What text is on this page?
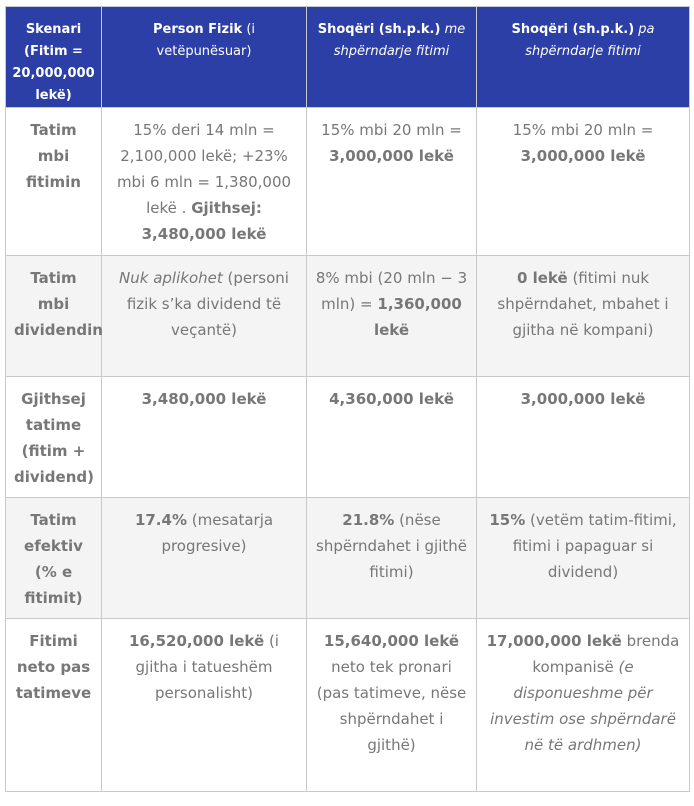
Skenari (Fitim = 20,000,000 lekë)	Person Fizik (i vetëpunësuar)	Shoqëri (sh.p.k.) me shpërndarje fitimi	Shoqëri (sh.p.k.) pa shpërndarje fitimi
Tatim mbi fitimin	15% deri 14 mln = 2,100,000 lekë; +23% mbi 6 mln = 1,380,000 lekë . Gjithsej: 3,480,000 lekë	15% mbi 20 mln = 3,000,000 lekë	15% mbi 20 mln = 3,000,000 lekë
Tatim mbi dividendin	Nuk aplikohet (personi fizik s’ka dividend të veçantë)	8% mbi (20 mln − 3 mln) = 1,360,000 lekë	0 lekë (fitimi nuk shpërndahet, mbahet i gjitha në kompani)
Gjithsej tatime (fitim + dividend)	3,480,000 lekë	4,360,000 lekë	3,000,000 lekë
Tatim efektiv (% e fitimit)	17.4% (mesatarja progresive)	21.8% (nëse shpërndahet i gjithë fitimi)	15% (vetëm tatim-fitimi, fitimi i papaguar si dividend)
Fitimi neto pas tatimeve	16,520,000 lekë (i gjitha i tatueshëm personalisht)	15,640,000 lekë neto tek pronari (pas tatimeve, nëse shpërndahet i gjithë)	17,000,000 lekë brenda kompanisë (e disponueshme për investim ose shpërndarë në të ardhmen)
